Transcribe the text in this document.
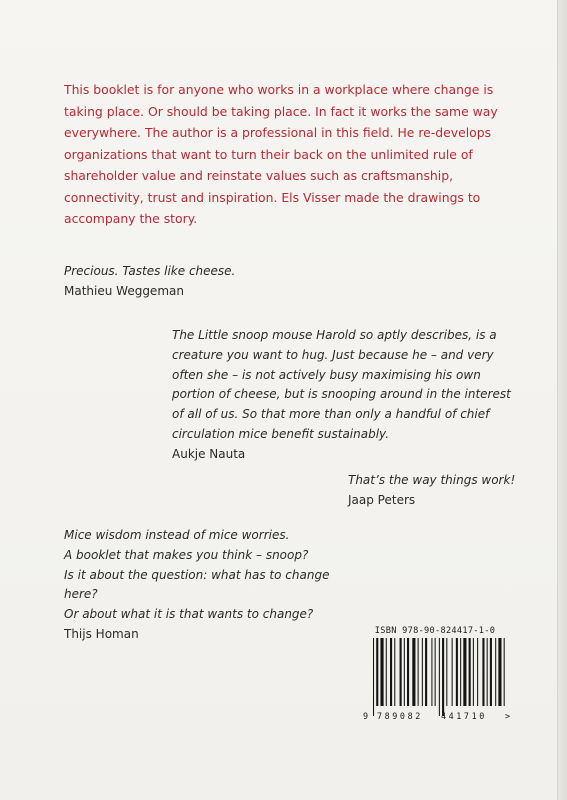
This booklet is for anyone who works in a workplace where change is taking place. Or should be taking place. In fact it works the same way everywhere. The author is a professional in this field. He re-develops organizations that want to turn their back on the unlimited rule of shareholder value and reinstate values such as craftsmanship, connectivity, trust and inspiration. Els Visser made the drawings to accompany the story.

Precious. Tastes like cheese.

Mathieu Weggeman

The Little snoop mouse Harold so aptly describes, is a creature you want to hug. Just because he – and very often she – is not actively busy maximising his own portion of cheese, but is snooping around in the interest of all of us. So that more than only a handful of chief circulation mice benefit sustainably.

Aukje Nauta

That’s the way things work!

Jaap Peters

Mice wisdom instead of mice worries.
A booklet that makes you think – snoop?
Is it about the question: what has to change here?
Or about what it is that wants to change?

Thijs Homan	ISBN 978-90-824417-1-0

9 789082 441710 >
